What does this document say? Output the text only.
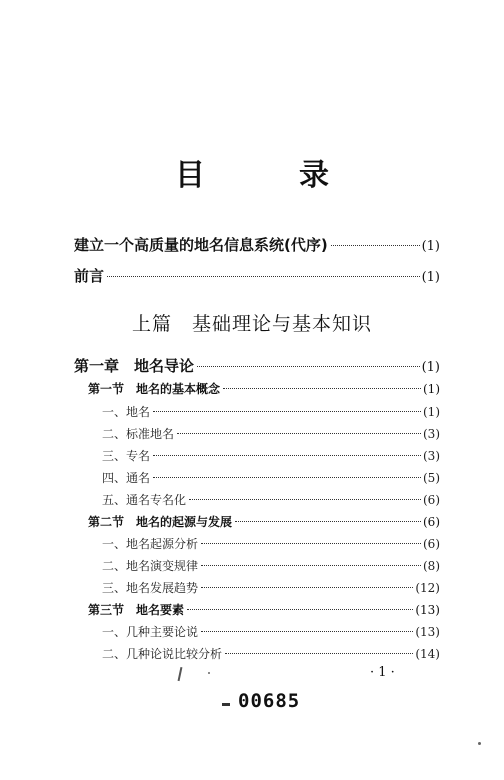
目　录
建立一个高质量的地名信息系统(代序)	(1)
前言	(1)
上篇　基础理论与基本知识
第一章　地名导论	(1)
第一节　地名的基本概念	(1)
一、地名	(1)
二、标准地名	(3)
三、专名	(3)
四、通名	(5)
五、通名专名化	(6)
第二节　地名的起源与发展	(6)
一、地名起源分析	(6)
二、地名演变规律	(8)
三、地名发展趋势	(12)
第三节　地名要素	(13)
一、几种主要论说	(13)
二、几种论说比较分析	(14)
· 1 ·
00685
